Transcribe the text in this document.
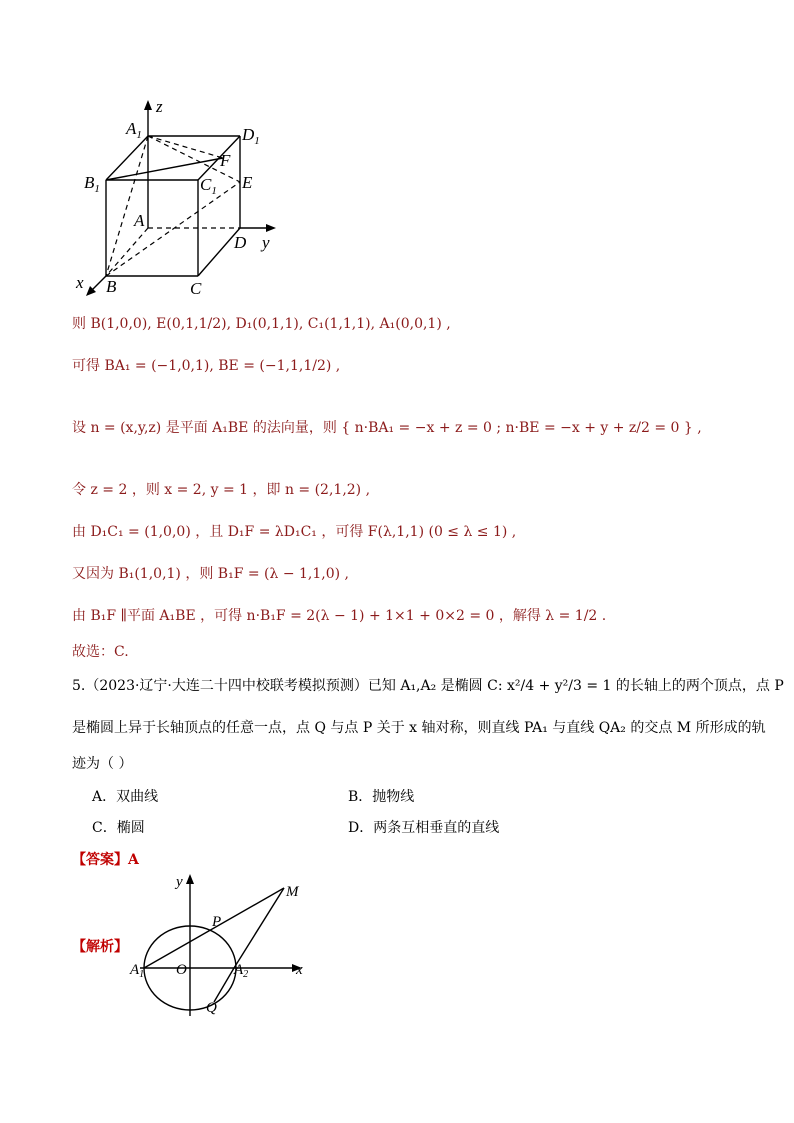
z
$A_1$	$D_1$
F
$B_1$	$C_1$ E
A
D y
x B	C
则 B(1,0,0), E(0,1,1/2), D₁(0,1,1), C₁(1,1,1), A₁(0,0,1) ,
可得 BA₁ = (−1,0,1), BE = (−1,1,1/2) ,
设 n = (x,y,z) 是平面 A₁BE 的法向量，则 { n·BA₁ = −x + z = 0 ; n·BE = −x + y + z/2 = 0 } ,
令 z = 2 ，则 x = 2, y = 1 ，即 n = (2,1,2) ,
由 D₁C₁ = (1,0,0) ，且 D₁F = λD₁C₁ ，可得 F(λ,1,1) (0 ≤ λ ≤ 1) ,
又因为 B₁(1,0,1) ，则 B₁F = (λ − 1,1,0) ,
由 B₁F ∥平面 A₁BE ，可得 n·B₁F = 2(λ − 1) + 1×1 + 0×2 = 0 ，解得 λ = 1/2 .
故选：C.
5.（2023·辽宁·大连二十四中校联考模拟预测）已知 A₁,A₂ 是椭圆 C: x²/4 + y²/3 = 1 的长轴上的两个顶点，点 P
是椭圆上异于长轴顶点的任意一点，点 Q 与点 P 关于 x 轴对称，则直线 PA₁ 与直线 QA₂ 的交点 M 所形成的轨
迹为（ ）
A．双曲线	B．抛物线
C．椭圆	D．两条互相垂直的直线
【答案】A
【解析】
y
M
P
$A_1$ O	$A_2$	x
Q
